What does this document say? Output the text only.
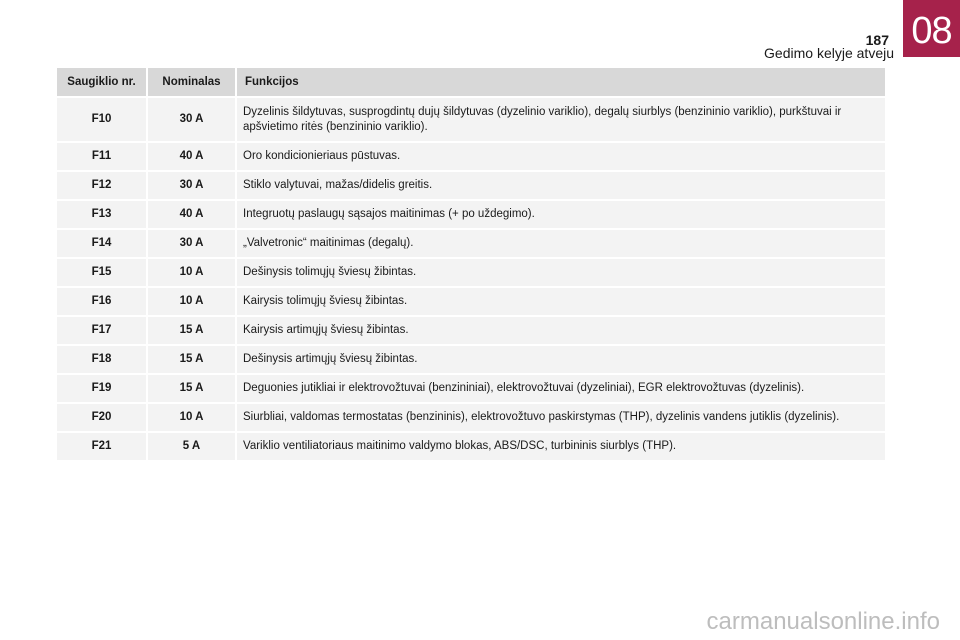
187
Gedimo kelyje atveju
08
Saugiklio nr.	Nominalas	Funkcijos
F10	30 A	Dyzelinis šildytuvas, susprogdintų dujų šildytuvas (dyzelinio variklio), degalų siurblys (benzininio variklio), purkštuvai ir apšvietimo ritės (benzininio variklio).
F11	40 A	Oro kondicionieriaus pūstuvas.
F12	30 A	Stiklo valytuvai, mažas/didelis greitis.
F13	40 A	Integruotų paslaugų sąsajos maitinimas (+ po uždegimo).
F14	30 A	„Valvetronic“ maitinimas (degalų).
F15	10 A	Dešinysis tolimųjų šviesų žibintas.
F16	10 A	Kairysis tolimųjų šviesų žibintas.
F17	15 A	Kairysis artimųjų šviesų žibintas.
F18	15 A	Dešinysis artimųjų šviesų žibintas.
F19	15 A	Deguonies jutikliai ir elektrovožtuvai (benzininiai), elektrovožtuvai (dyzeliniai), EGR elektrovožtuvas (dyzelinis).
F20	10 A	Siurbliai, valdomas termostatas (benzininis), elektrovožtuvo paskirstymas (THP), dyzelinis vandens jutiklis (dyzelinis).
F21	5 A	Variklio ventiliatoriaus maitinimo valdymo blokas, ABS/DSC, turbininis siurblys (THP).
carmanualsonline.info
